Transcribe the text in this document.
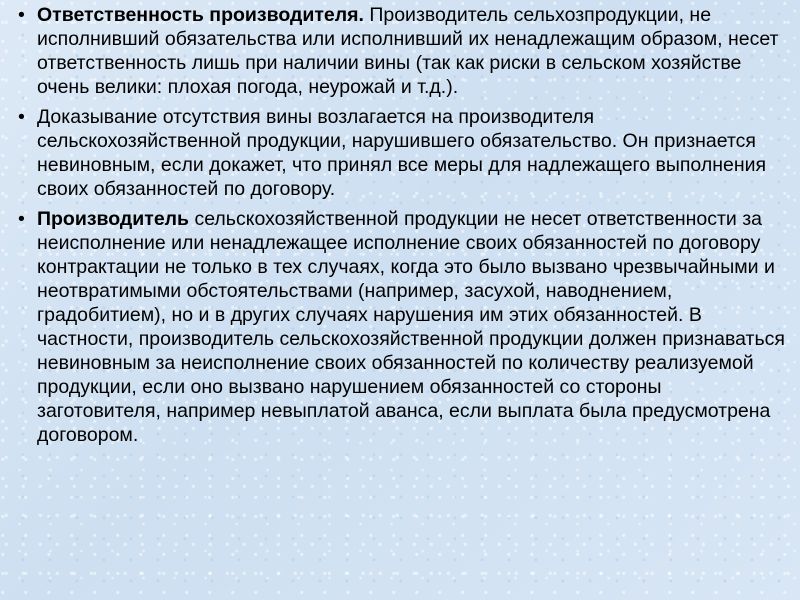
• Ответственность производителя. Производитель сельхозпродукции, не исполнивший обязательства или исполнивший их ненадлежащим образом, несет ответственность лишь при наличии вины (так как риски в сельском хозяйстве очень велики: плохая погода, неурожай и т.д.).
• Доказывание отсутствия вины возлагается на производителя сельскохозяйственной продукции, нарушившего обязательство. Он признается невиновным, если докажет, что принял все меры для надлежащего выполнения своих обязанностей по договору.
• Производитель сельскохозяйственной продукции не несет ответственности за неисполнение или ненадлежащее исполнение своих обязанностей по договору контрактации не только в тех случаях, когда это было вызвано чрезвычайными и неотвратимыми обстоятельствами (например, засухой, наводнением, градобитием), но и в других случаях нарушения им этих обязанностей. В частности, производитель сельскохозяйственной продукции должен признаваться невиновным за неисполнение своих обязанностей по количеству реализуемой продукции, если оно вызвано нарушением обязанностей со стороны заготовителя, например невыплатой аванса, если выплата была предусмотрена договором.
